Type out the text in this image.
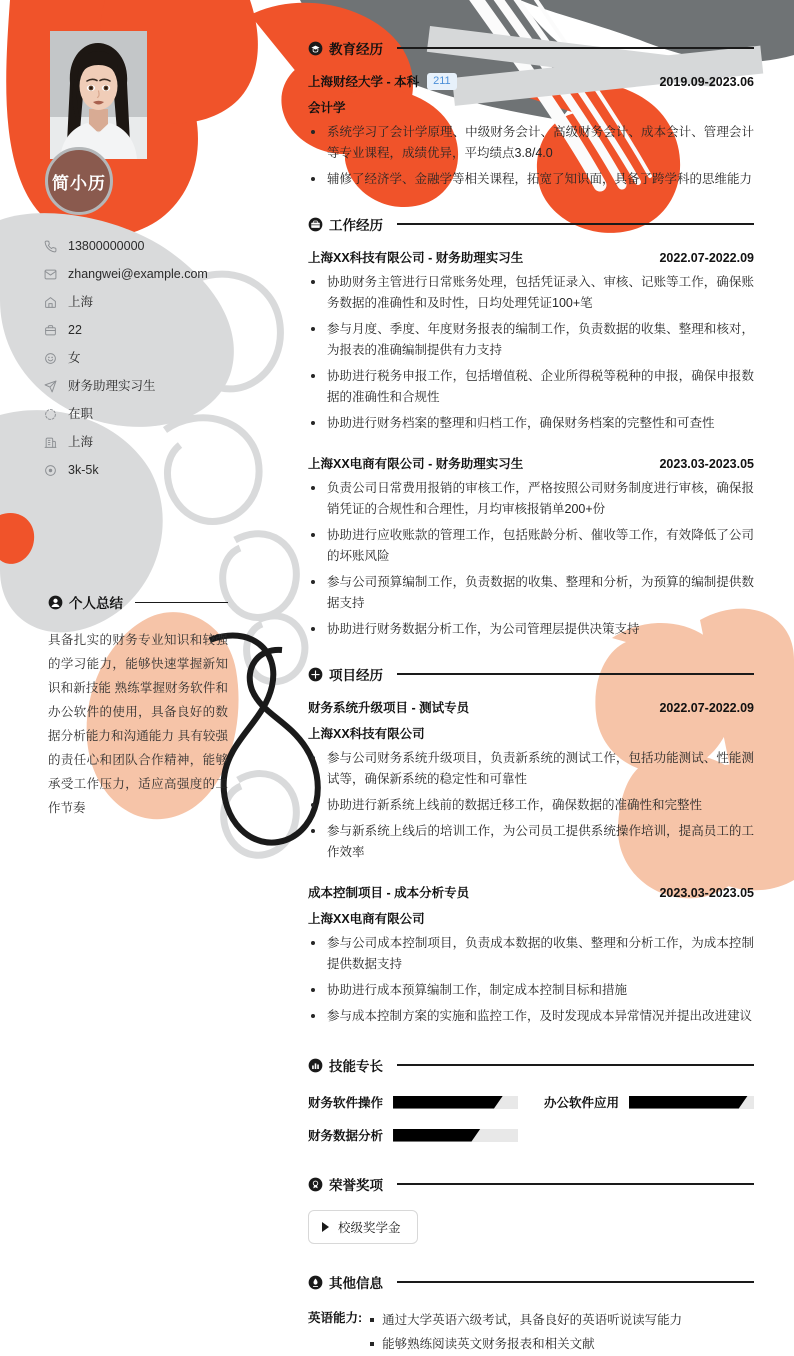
简小历
13800000000
zhangwei@example.com
上海
22
女
财务助理实习生
在职
上海
3k-5k
个人总结
具备扎实的财务专业知识和较强的学习能力，能够快速掌握新知识和新技能 熟练掌握财务软件和办公软件的使用，具备良好的数据分析能力和沟通能力 具有较强的责任心和团队合作精神，能够承受工作压力，适应高强度的工作节奏
教育经历
上海财经大学 - 本科	211	2019.09-2023.06
会计学
系统学习了会计学原理、中级财务会计、高级财务会计、成本会计、管理会计等专业课程，成绩优异，平均绩点3.8/4.0
辅修了经济学、金融学等相关课程，拓宽了知识面，具备了跨学科的思维能力
工作经历
上海XX科技有限公司 - 财务助理实习生	2022.07-2022.09
协助财务主管进行日常账务处理，包括凭证录入、审核、记账等工作，确保账务数据的准确性和及时性，日均处理凭证100+笔
参与月度、季度、年度财务报表的编制工作，负责数据的收集、整理和核对，为报表的准确编制提供有力支持
协助进行税务申报工作，包括增值税、企业所得税等税种的申报，确保申报数据的准确性和合规性
协助进行财务档案的整理和归档工作，确保财务档案的完整性和可查性
上海XX电商有限公司 - 财务助理实习生	2023.03-2023.05
负责公司日常费用报销的审核工作，严格按照公司财务制度进行审核，确保报销凭证的合规性和合理性，月均审核报销单200+份
协助进行应收账款的管理工作，包括账龄分析、催收等工作，有效降低了公司的坏账风险
参与公司预算编制工作，负责数据的收集、整理和分析，为预算的编制提供数据支持
协助进行财务数据分析工作，为公司管理层提供决策支持
项目经历
财务系统升级项目 - 测试专员	2022.07-2022.09
上海XX科技有限公司
参与公司财务系统升级项目，负责新系统的测试工作，包括功能测试、性能测试等，确保新系统的稳定性和可靠性
协助进行新系统上线前的数据迁移工作，确保数据的准确性和完整性
参与新系统上线后的培训工作，为公司员工提供系统操作培训，提高员工的工作效率
成本控制项目 - 成本分析专员	2023.03-2023.05
上海XX电商有限公司
参与公司成本控制项目，负责成本数据的收集、整理和分析工作，为成本控制提供数据支持
协助进行成本预算编制工作，制定成本控制目标和措施
参与成本控制方案的实施和监控工作，及时发现成本异常情况并提出改进建议
技能专长
财务软件操作	办公软件应用
财务数据分析
荣誉奖项
校级奖学金
其他信息
英语能力:	通过大学英语六级考试，具备良好的英语听说读写能力
能够熟练阅读英文财务报表和相关文献
